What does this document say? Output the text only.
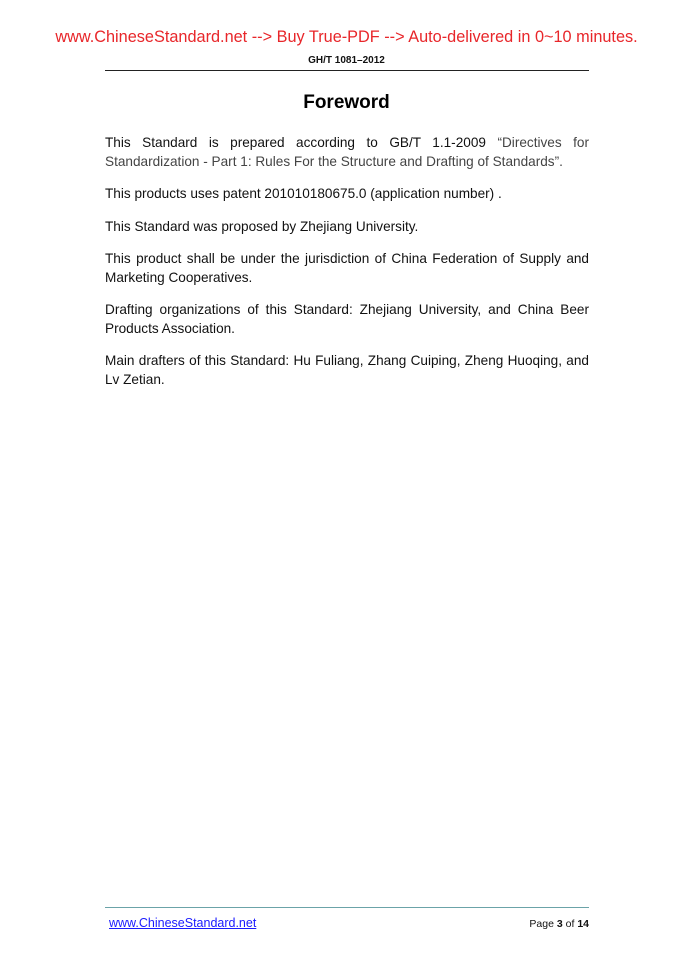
www.ChineseStandard.net --> Buy True-PDF --> Auto-delivered in 0~10 minutes.
GH/T 1081–2012
Foreword

This Standard is prepared according to GB/T 1.1-2009 “Directives for Standardization - Part 1: Rules For the Structure and Drafting of Standards”.

This products uses patent 201010180675.0 (application number) .

This Standard was proposed by Zhejiang University.

This product shall be under the jurisdiction of China Federation of Supply and Marketing Cooperatives.

Drafting organizations of this Standard: Zhejiang University, and China Beer Products Association.

Main drafters of this Standard: Hu Fuliang, Zhang Cuiping, Zheng Huoqing, and Lv Zetian.

www.ChineseStandard.net	Page 3 of 14
